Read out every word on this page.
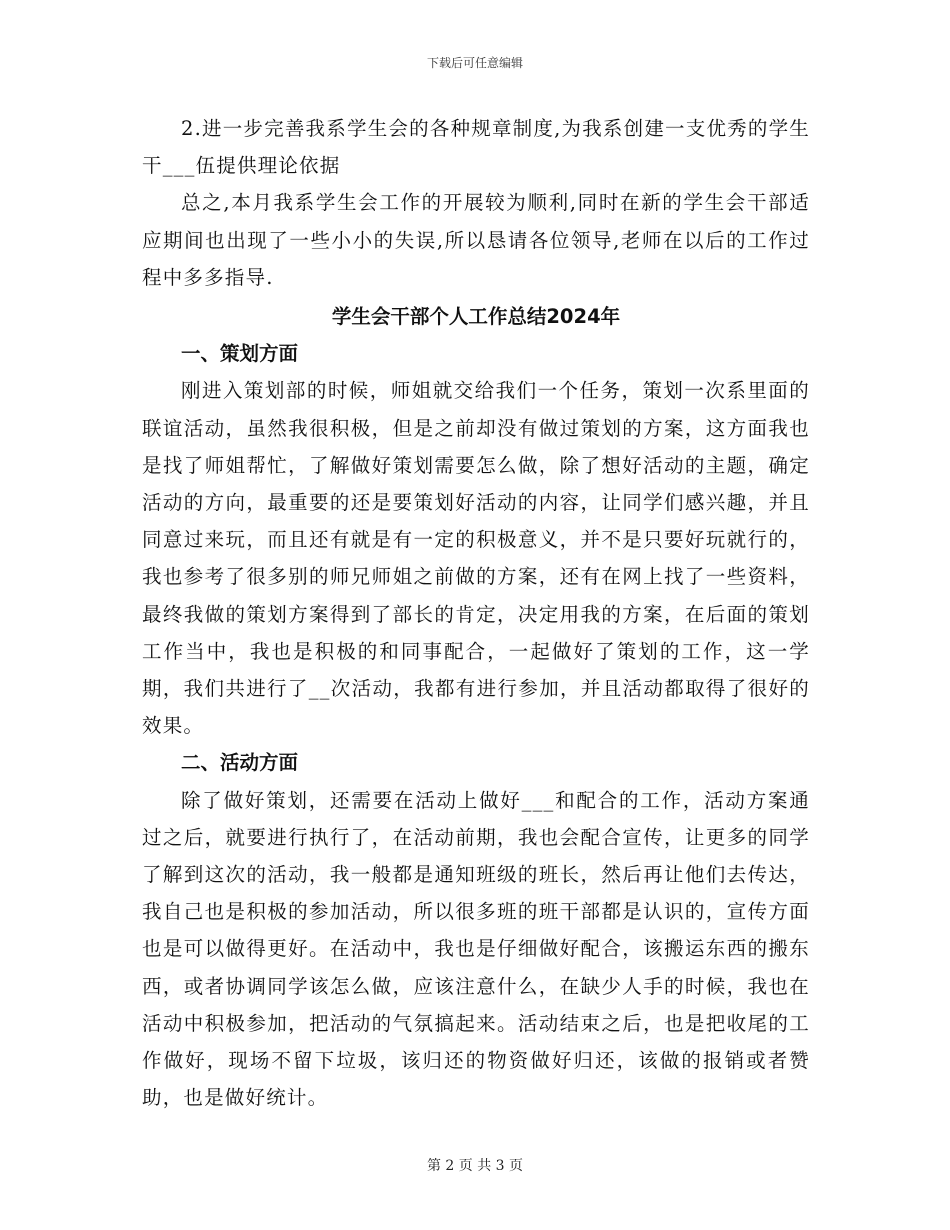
下载后可任意编辑

2.进一步完善我系学生会的各种规章制度,为我系创建一支优秀的学生干___伍提供理论依据

总之,本月我系学生会工作的开展较为顺利,同时在新的学生会干部适应期间也出现了一些小小的失误,所以恳请各位领导,老师在以后的工作过程中多多指导.

学生会干部个人工作总结2024年
一、策划方面

刚进入策划部的时候，师姐就交给我们一个任务，策划一次系里面的联谊活动，虽然我很积极，但是之前却没有做过策划的方案，这方面我也是找了师姐帮忙，了解做好策划需要怎么做，除了想好活动的主题，确定活动的方向，最重要的还是要策划好活动的内容，让同学们感兴趣，并且同意过来玩，而且还有就是有一定的积极意义，并不是只要好玩就行的，我也参考了很多别的师兄师姐之前做的方案，还有在网上找了一些资料，最终我做的策划方案得到了部长的肯定，决定用我的方案，在后面的策划工作当中，我也是积极的和同事配合，一起做好了策划的工作，这一学期，我们共进行了__次活动，我都有进行参加，并且活动都取得了很好的效果。

二、活动方面

除了做好策划，还需要在活动上做好___和配合的工作，活动方案通过之后，就要进行执行了，在活动前期，我也会配合宣传，让更多的同学了解到这次的活动，我一般都是通知班级的班长，然后再让他们去传达，我自己也是积极的参加活动，所以很多班的班干部都是认识的，宣传方面也是可以做得更好。在活动中，我也是仔细做好配合，该搬运东西的搬东西，或者协调同学该怎么做，应该注意什么，在缺少人手的时候，我也在活动中积极参加，把活动的气氛搞起来。活动结束之后，也是把收尾的工作做好，现场不留下垃圾，该归还的物资做好归还，该做的报销或者赞助，也是做好统计。

第 2 页 共 3 页
